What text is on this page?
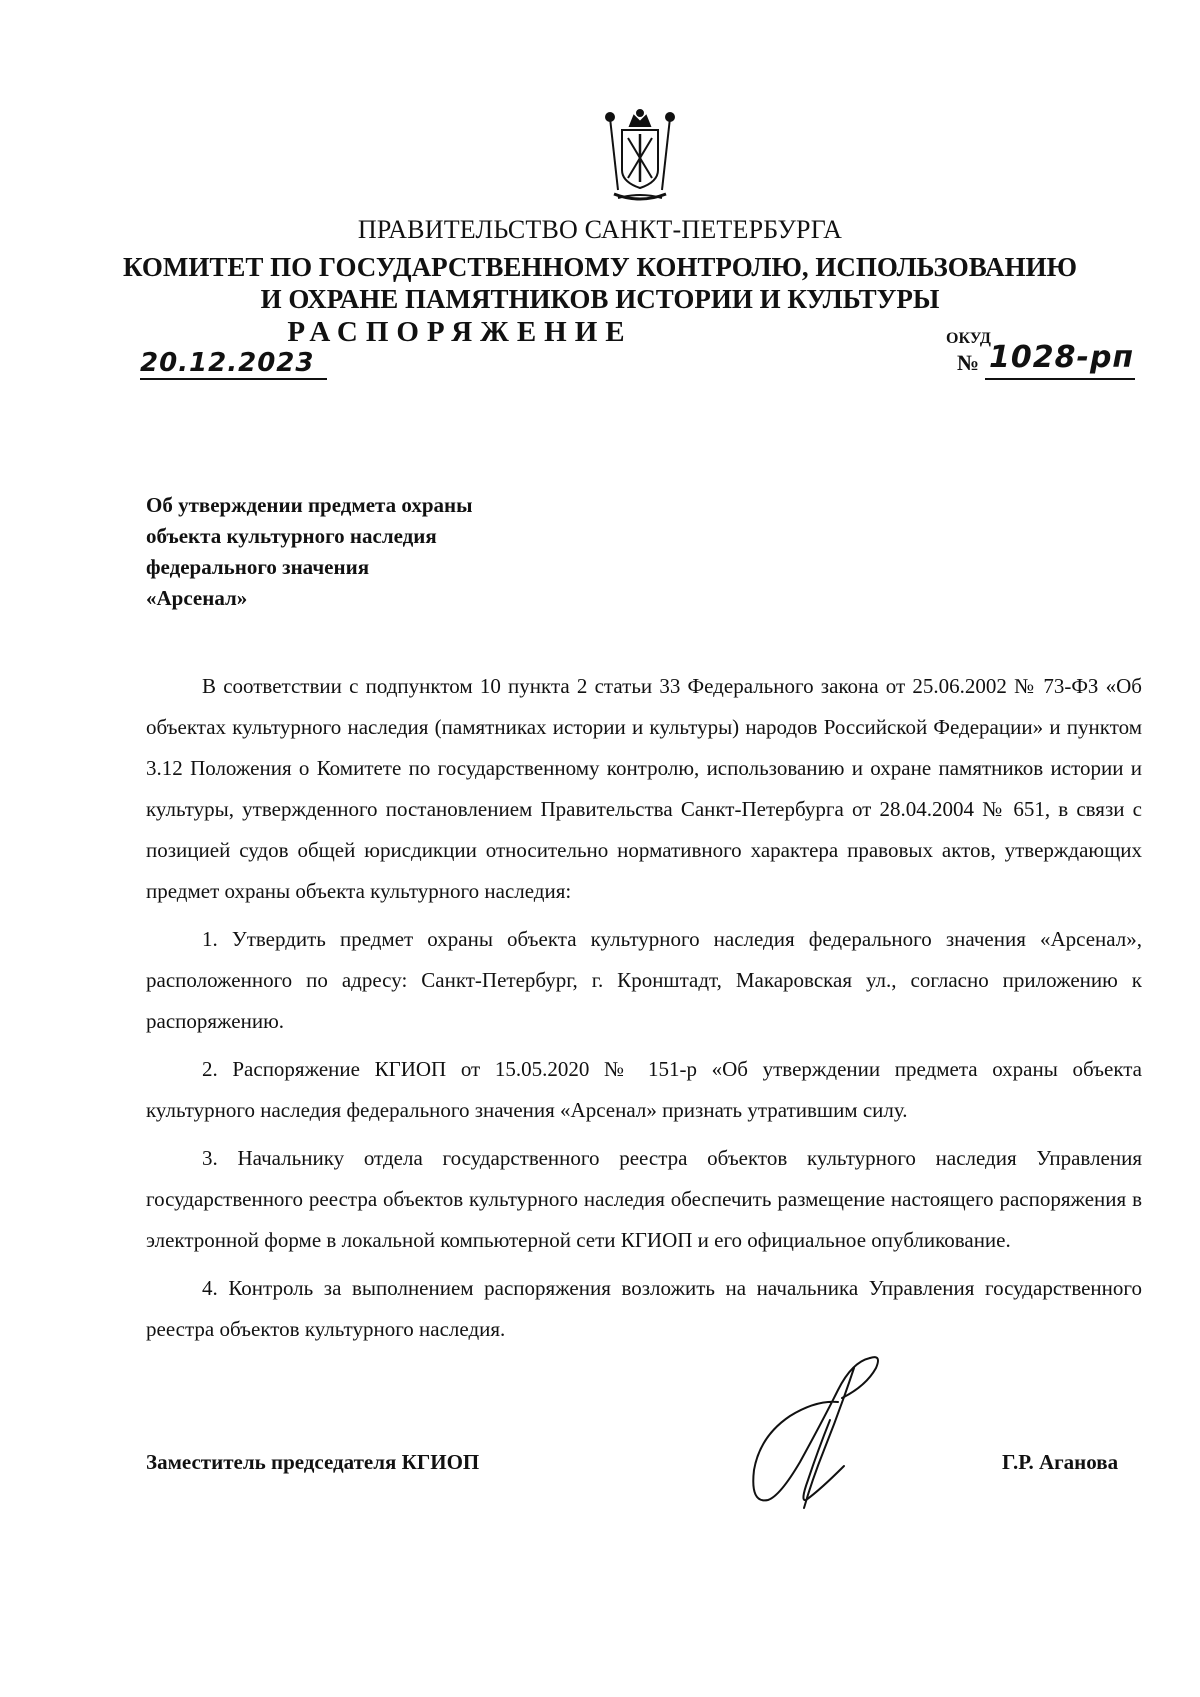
ПРАВИТЕЛЬСТВО САНКТ-ПЕТЕРБУРГА
КОМИТЕТ ПО ГОСУДАРСТВЕННОМУ КОНТРОЛЮ, ИСПОЛЬЗОВАНИЮ
И ОХРАНЕ ПАМЯТНИКОВ ИСТОРИИ И КУЛЬТУРЫ
РАСПОРЯЖЕНИЕ	ОКУД
20.12.2023	№ 1028-рп
Об утверждении предмета охраны
объекта культурного наследия
федерального значения
«Арсенал»

В соответствии с подпунктом 10 пункта 2 статьи 33 Федерального закона от 25.06.2002 № 73-ФЗ «Об объектах культурного наследия (памятниках истории и культуры) народов Российской Федерации» и пунктом 3.12 Положения о Комитете по государственному контролю, использованию и охране памятников истории и культуры, утвержденного постановлением Правительства Санкт-Петербурга от 28.04.2004 № 651, в связи с позицией судов общей юрисдикции относительно нормативного характера правовых актов, утверждающих предмет охраны объекта культурного наследия:

1. Утвердить предмет охраны объекта культурного наследия федерального значения «Арсенал», расположенного по адресу: Санкт-Петербург, г. Кронштадт, Макаровская ул., согласно приложению к распоряжению.

2. Распоряжение КГИОП от 15.05.2020 № 151-р «Об утверждении предмета охраны объекта культурного наследия федерального значения «Арсенал» признать утратившим силу.

3. Начальнику отдела государственного реестра объектов культурного наследия Управления государственного реестра объектов культурного наследия обеспечить размещение настоящего распоряжения в электронной форме в локальной компьютерной сети КГИОП и его официальное опубликование.

4. Контроль за выполнением распоряжения возложить на начальника Управления государственного реестра объектов культурного наследия.

Заместитель председателя КГИОП	Г.Р. Аганова
